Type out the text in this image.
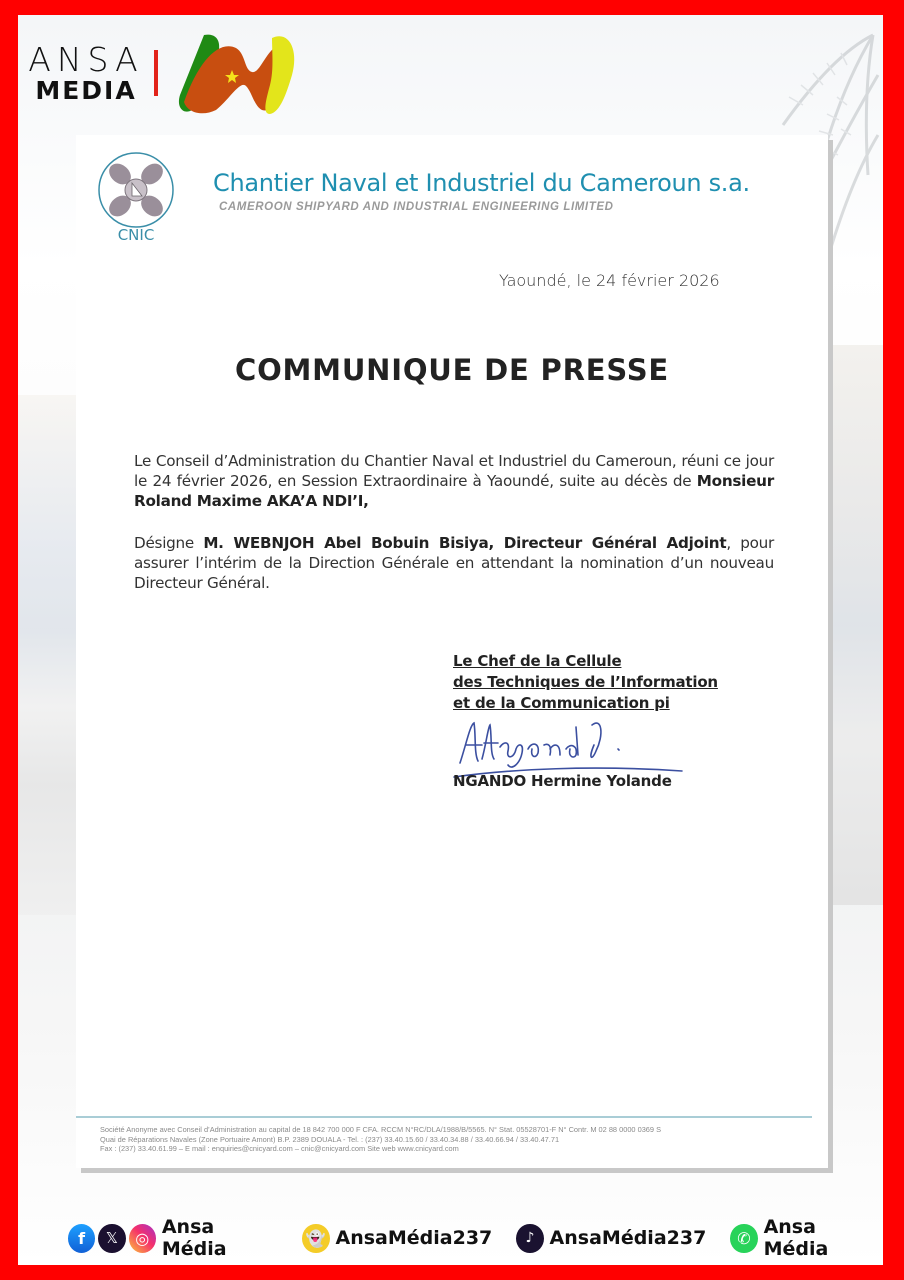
ANSA
MEDIA
CNIC
Chantier Naval et Industriel du Cameroun s.a.
CAMEROON SHIPYARD AND INDUSTRIAL ENGINEERING LIMITED
Yaoundé, le 24 février 2026
COMMUNIQUE DE PRESSE
Le Conseil d’Administration du Chantier Naval et Industriel du Cameroun, réuni ce jour le 24 février 2026, en Session Extraordinaire à Yaoundé, suite au décès de Monsieur Roland Maxime AKA’A NDI’I,
Désigne M. WEBNJOH Abel Bobuin Bisiya, Directeur Général Adjoint, pour assurer l’intérim de la Direction Générale en attendant la nomination d’un nouveau Directeur Général.
Le Chef de la Cellule
des Techniques de l’Information
et de la Communication pi
NGANDO Hermine Yolande
Société Anonyme avec Conseil d’Administration au capital de 18 842 700 000 F CFA. RCCM N°RC/DLA/1988/B/5565. N° Stat. 05528701-F N° Contr. M 02 88 0000 0369 S
Quai de Réparations Navales (Zone Portuaire Amont) B.P. 2389 DOUALA - Tel. : (237) 33.40.15.60 / 33.40.34.88 / 33.40.66.94 / 33.40.47.71
Fax : (237) 33.40.61.99 – E mail : enquiries@cnicyard.com – cnic@cnicyard.com Site web www.cnicyard.com
f	𝕏	◎ Ansa Média	👻 AnsaMédia237	♪ AnsaMédia237	✆ Ansa Média
